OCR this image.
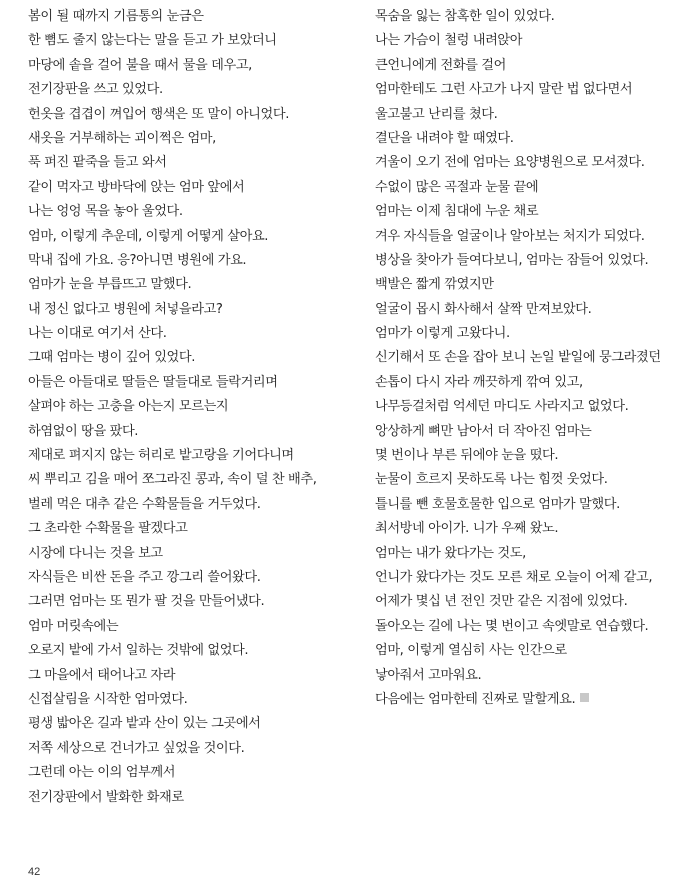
봄이 될 때까지 기름통의 눈금은
한 뼘도 줄지 않는다는 말을 듣고 가 보았더니
마당에 솥을 걸어 불을 때서 물을 데우고,
전기장판을 쓰고 있었다.
헌옷을 겹겹이 껴입어 행색은 또 말이 아니었다.
새옷을 거부해하는 괴이쩍은 엄마,
푹 퍼진 팥죽을 들고 와서
같이 먹자고 방바닥에 앉는 엄마 앞에서
나는 엉엉 목을 놓아 울었다.
엄마, 이렇게 추운데, 이렇게 어떻게 살아요.
막내 집에 가요. 응?아니면 병원에 가요.
엄마가 눈을 부릅뜨고 말했다.
내 정신 없다고 병원에 처넣을라고?
나는 이대로 여기서 산다.
그때 엄마는 병이 깊어 있었다.
아들은 아들대로 딸들은 딸들대로 들락거리며
살펴야 하는 고충을 아는지 모르는지
하염없이 땅을 팠다.
제대로 펴지지 않는 허리로 밭고랑을 기어다니며
씨 뿌리고 김을 매어 쪼그라진 콩과, 속이 덜 찬 배추,
벌레 먹은 대추 같은 수확물들을 거두었다.
그 초라한 수확물을 팔겠다고
시장에 다니는 것을 보고
자식들은 비싼 돈을 주고 깡그리 쓸어왔다.
그러면 엄마는 또 뭔가 팔 것을 만들어냈다.
엄마 머릿속에는
오로지 밭에 가서 일하는 것밖에 없었다.
그 마을에서 태어나고 자라
신접살림을 시작한 엄마였다.
평생 밟아온 길과 밭과 산이 있는 그곳에서
저쪽 세상으로 건너가고 싶었을 것이다.
그런데 아는 이의 엄부께서
전기장판에서 발화한 화재로
목숨을 잃는 참혹한 일이 있었다.
나는 가슴이 철렁 내려앉아
큰언니에게 전화를 걸어
엄마한테도 그런 사고가 나지 말란 법 없다면서
울고불고 난리를 쳤다.
결단을 내려야 할 때였다.
겨울이 오기 전에 엄마는 요양병원으로 모셔졌다.
수없이 많은 곡절과 눈물 끝에
엄마는 이제 침대에 누운 채로
겨우 자식들을 얼굴이나 알아보는 처지가 되었다.
병상을 찾아가 들여다보니, 엄마는 잠들어 있었다.
백발은 짧게 깎였지만
얼굴이 몹시 화사해서 살짝 만져보았다.
엄마가 이렇게 고왔다니.
신기해서 또 손을 잡아 보니 논일 밭일에 뭉그라졌던
손톱이 다시 자라 깨끗하게 깎여 있고,
나무등걸처럼 억세던 마디도 사라지고 없었다.
앙상하게 뼈만 남아서 더 작아진 엄마는
몇 번이나 부른 뒤에야 눈을 떴다.
눈물이 흐르지 못하도록 나는 힘껏 웃었다.
틀니를 뺀 호물호물한 입으로 엄마가 말했다.
최서방네 아이가. 니가 우째 왔노.
엄마는 내가 왔다가는 것도,
언니가 왔다가는 것도 모른 채로 오늘이 어제 같고,
어제가 몇십 년 전인 것만 같은 지점에 있었다.
돌아오는 길에 나는 몇 번이고 속엣말로 연습했다.
엄마, 이렇게 열심히 사는 인간으로
낳아줘서 고마워요.
다음에는 엄마한테 진짜로 말할게요.
42
